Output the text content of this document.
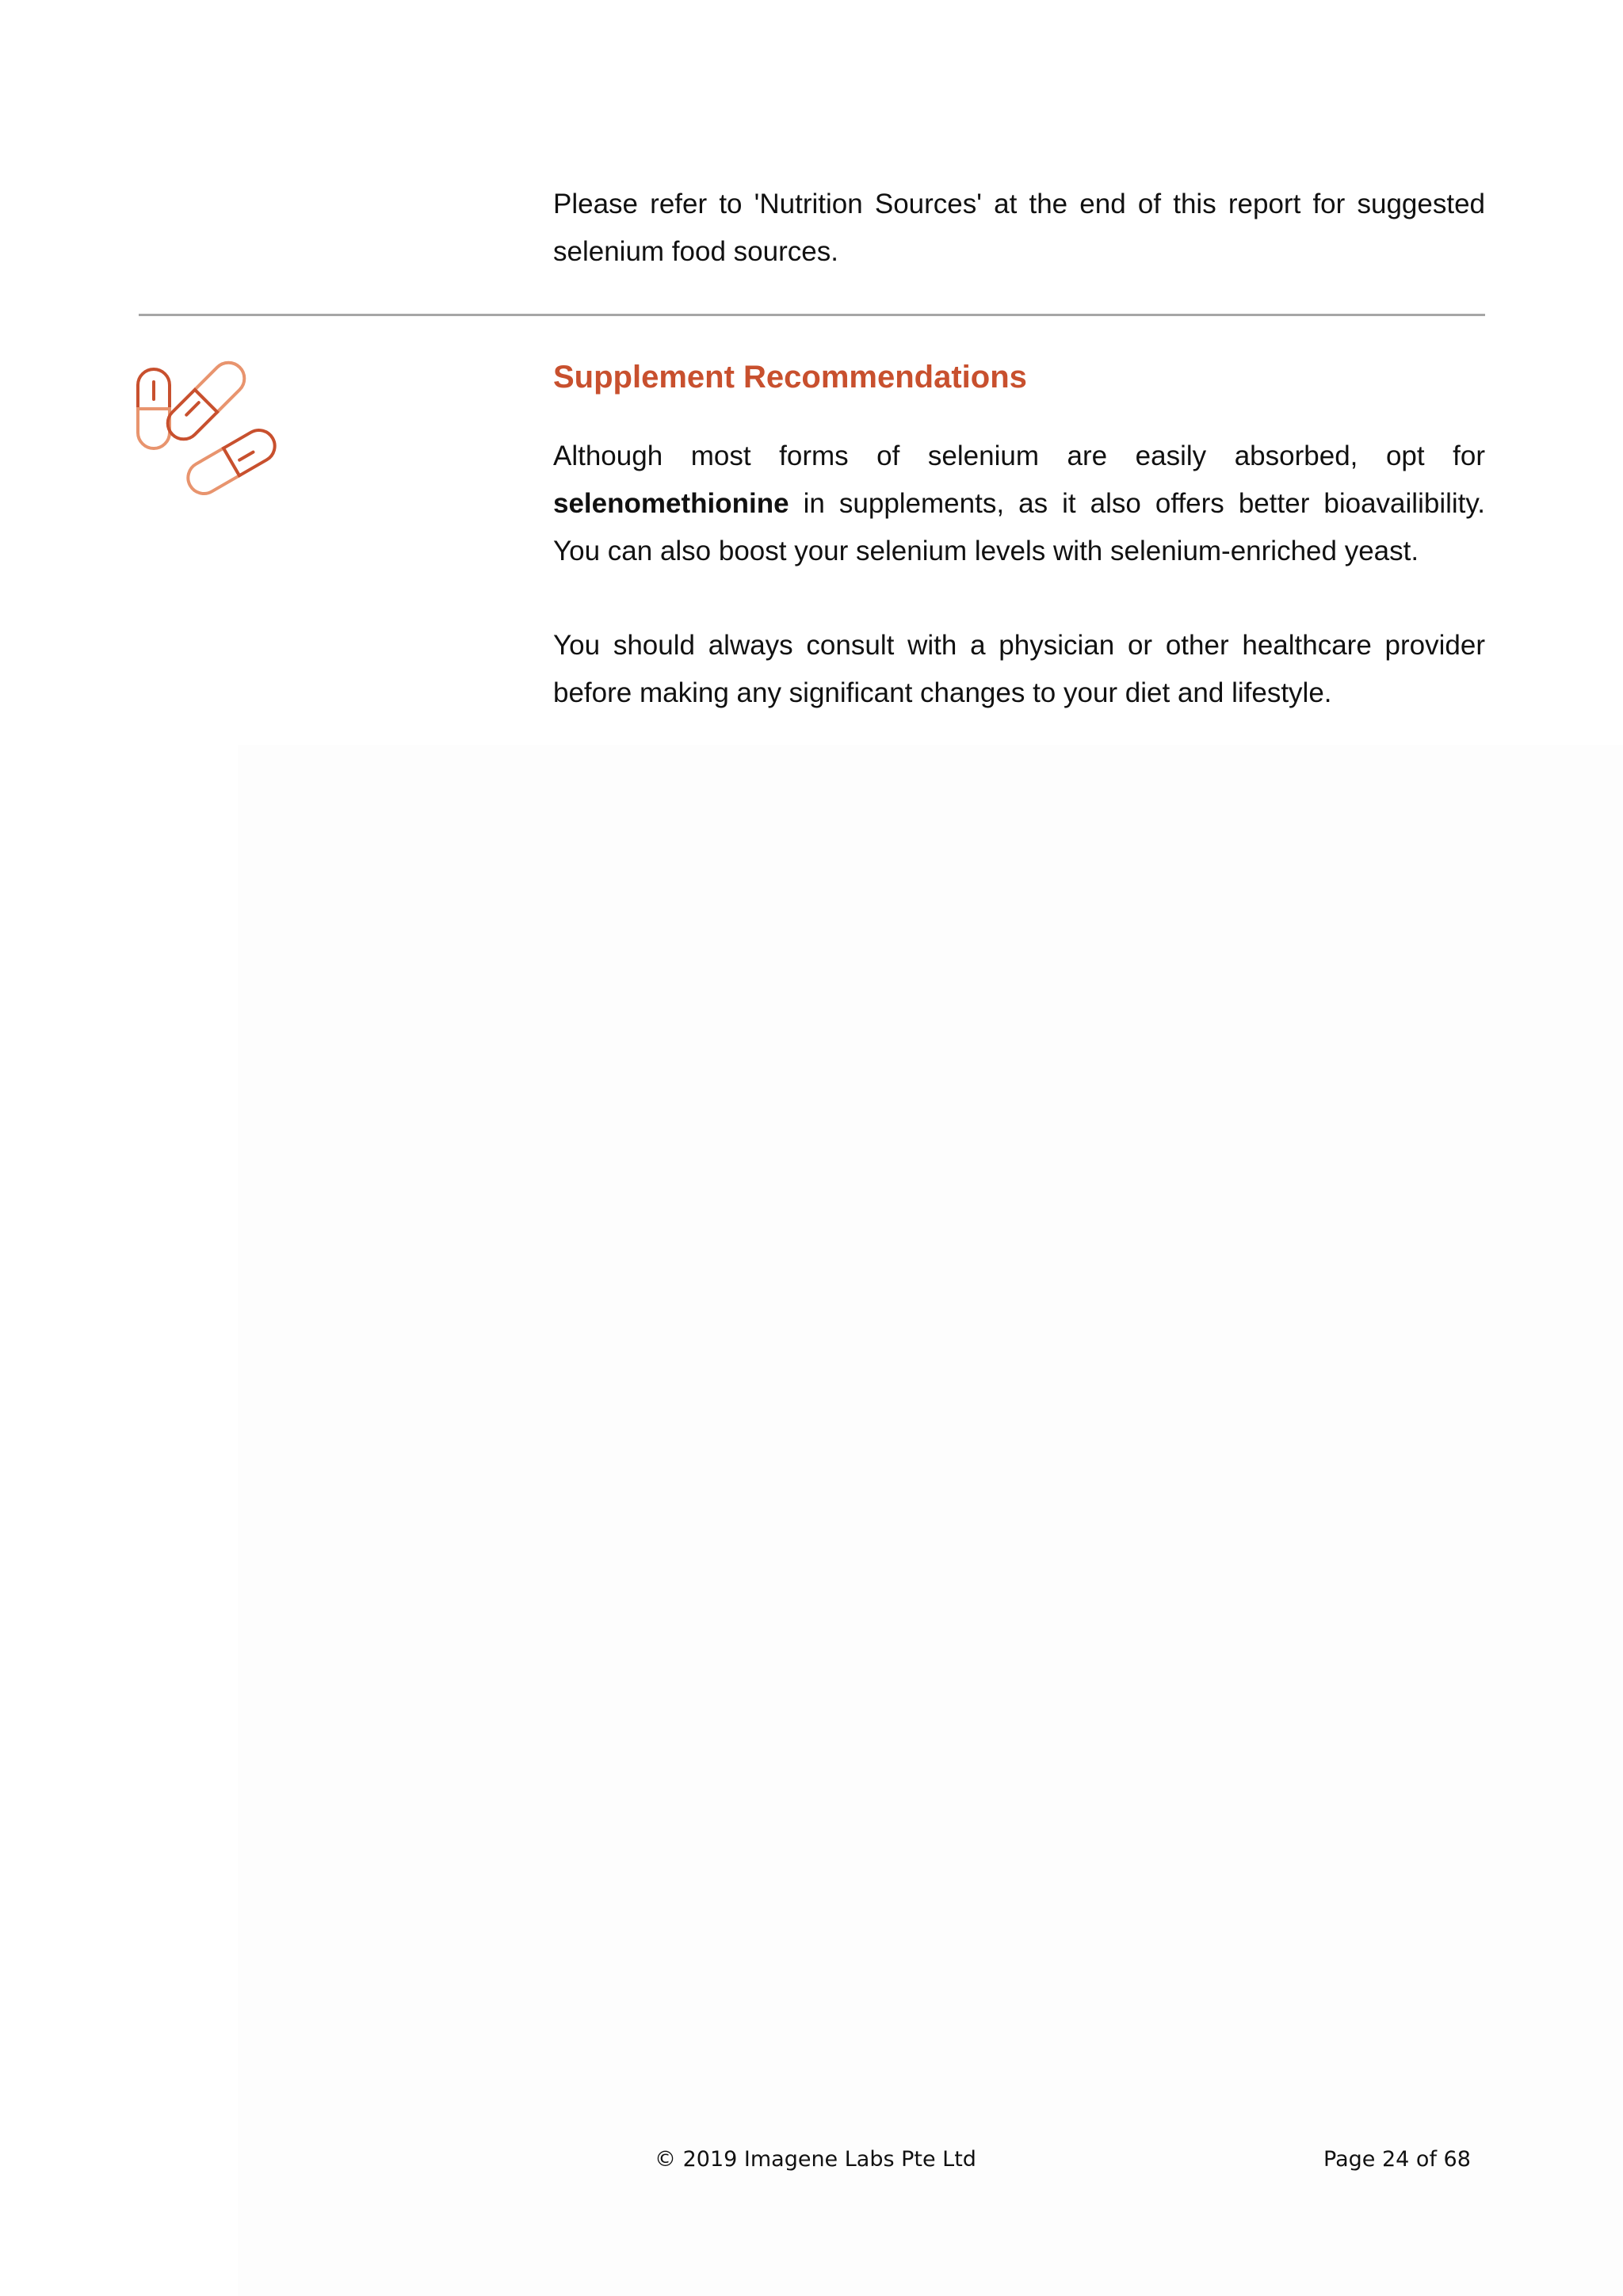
Please refer to 'Nutrition Sources' at the end of this report for suggested selenium food sources.

Supplement Recommendations

Although most forms of selenium are easily absorbed, opt for selenomethionine in supplements, as it also offers better bioavailibility. You can also boost your selenium levels with selenium-enriched yeast.

You should always consult with a physician or other healthcare provider before making any significant changes to your diet and lifestyle.

© 2019 Imagene Labs Pte Ltd	Page 24 of 68
